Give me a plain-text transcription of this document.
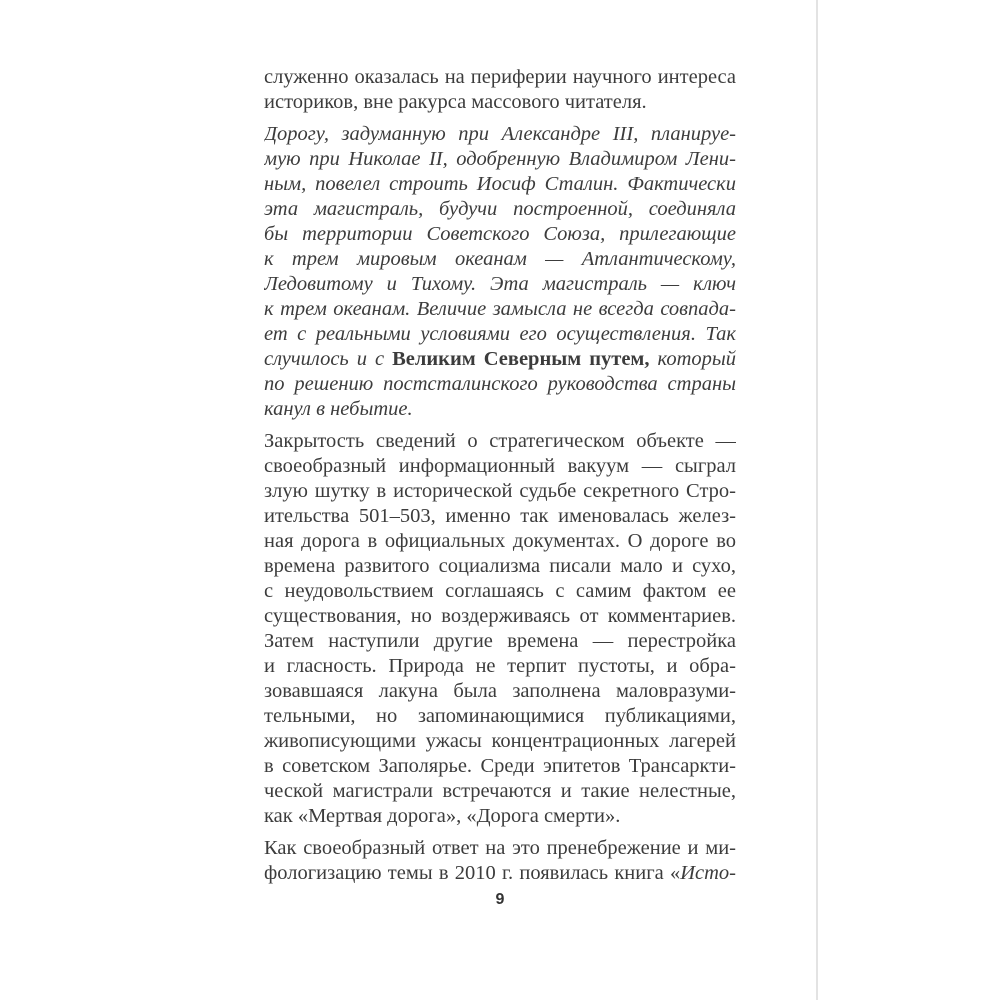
служенно оказалась на периферии научного интереса
историков, вне ракурса массового читателя.
Дорогу, задуманную при Александре III, планируе-
мую при Николае II, одобренную Владимиром Лени-
ным, повелел строить Иосиф Сталин. Фактически
эта магистраль, будучи построенной, соединяла
бы территории Советского Союза, прилегающие
к трем мировым океанам — Атлантическому,
Ледовитому и Тихому. Эта магистраль — ключ
к трем океанам. Величие замысла не всегда совпада-
ет с реальными условиями его осуществления. Так
случилось и с Великим Северным путем, который
по решению постсталинского руководства страны
канул в небытие.
Закрытость сведений о стратегическом объекте —
своеобразный информационный вакуум — сыграл
злую шутку в исторической судьбе секретного Стро-
ительства 501–503, именно так именовалась желез-
ная дорога в официальных документах. О дороге во
времена развитого социализма писали мало и сухо,
с неудовольствием соглашаясь с самим фактом ее
существования, но воздерживаясь от комментариев.
Затем наступили другие времена — перестройка
и гласность. Природа не терпит пустоты, и обра-
зовавшаяся лакуна была заполнена маловразуми-
тельными, но запоминающимися публикациями,
живописующими ужасы концентрационных лагерей
в советском Заполярье. Среди эпитетов Трансаркти-
ческой магистрали встречаются и такие нелестные,
как «Мертвая дорога», «Дорога смерти».
Как своеобразный ответ на это пренебрежение и ми-
фологизацию темы в 2010 г. появилась книга «Исто-
9
